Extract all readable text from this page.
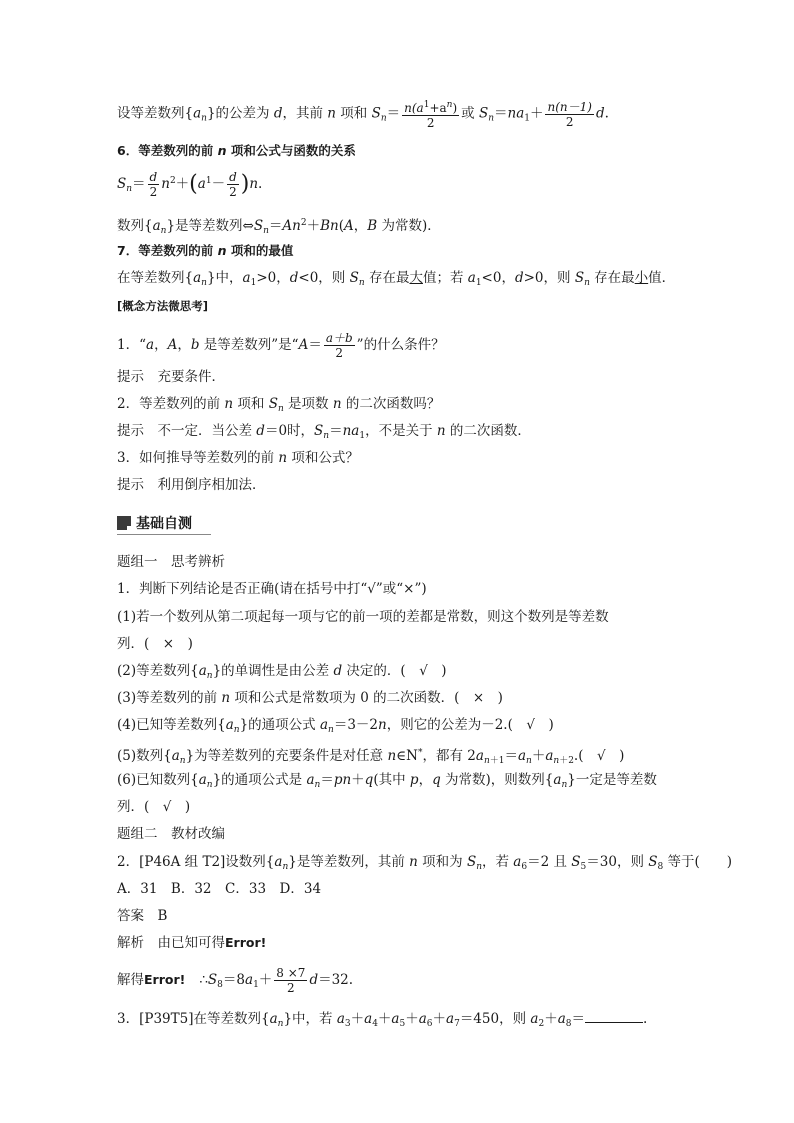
设等差数列$\{a_n\}$的公差为 d，其前 n 项和 $S_n= \frac{n(a^1+a^n)}{2}$ 或 $S_n=na_1+ \frac{n(n-1)}{2} d$.
6．等差数列的前 n 项和公式与函数的关系
$S_n= \frac{d}{2} n^2+(a^1- \frac{d}{2} )n$.
数列$\{a_n\}$是等差数列$\Leftrightarrow S_n=An^2+Bn(A$，B 为常数)．
7．等差数列的前 n 项和的最值
在等差数列$\{a_n\}$中，$a_1>0$，d<0，则 $S_n$ 存在最大值；若 $a_1<0$，d>0，则 $S_n$ 存在最小值．
[概念方法微思考]
1．“a，A，b 是等差数列”是“$A= \frac{a+b}{2}$ ”的什么条件？
提示　充要条件．
2．等差数列的前 n 项和 $S_n$ 是项数 n 的二次函数吗？
提示　不一定．当公差 d＝0时，$S_n=na_1$，不是关于 n 的二次函数．
3．如何推导等差数列的前 n 项和公式？
提示　利用倒序相加法．
基础自测
题组一　思考辨析
1．判断下列结论是否正确(请在括号中打“√”或“×”)
(1)若一个数列从第二项起每一项与它的前一项的差都是常数，则这个数列是等差数
列．(　×　)
(2)等差数列$\{a_n\}$的单调性是由公差 d 决定的．(　√　)
(3)等差数列的前 n 项和公式是常数项为 0 的二次函数．(　×　)
(4)已知等差数列$\{a_n\}$的通项公式 $a_n=3-2n$，则它的公差为－2.(　√　)
(5)数列$\{a_n\}$为等差数列的充要条件是对任意 n∈N*，都有 $2a_{n+1}=a_n+a_{n+2}$.(　√　)
(6)已知数列$\{a_n\}$的通项公式是 $a_n=pn+q$(其中 p，q 为常数)，则数列$\{a_n\}$一定是等差数
列．(　√　)
题组二　教材改编
2．[P46A 组 T2]设数列$\{a_n\}$是等差数列，其前 n 项和为 $S_n$，若 $a_6=2$ 且 $S_5=30$，则 $S_8$ 等于(　　)
A．31　B．32　C．33　D．34
答案　B
解析　由已知可得Error!
解得Error! $\therefore S_8=8a_1+ \frac{8 \times 7}{2} d=32$.
3．[P39T5]在等差数列$\{a_n\}$中，若 $a_3+a_4+a_5+a_6+a_7=450$，则 $a_2+a_8=$	.
